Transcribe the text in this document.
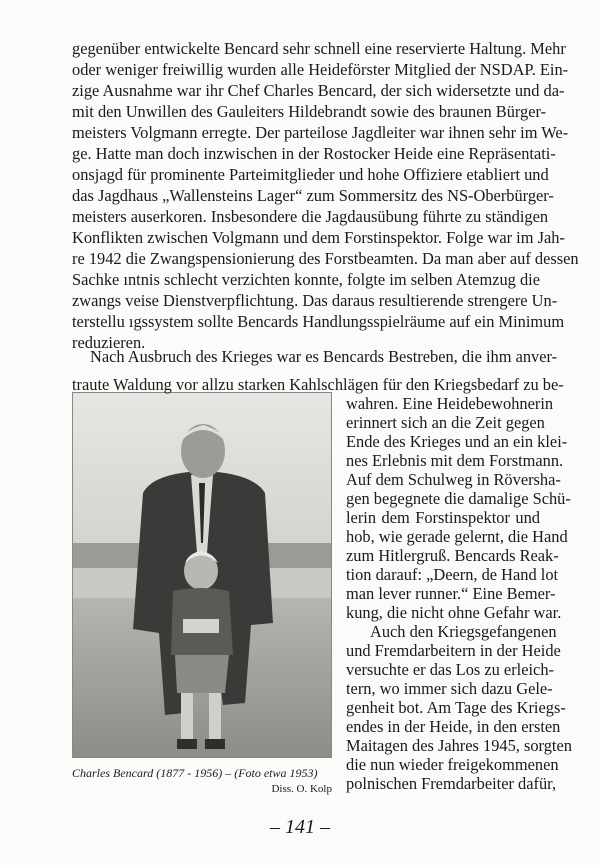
gegenüber entwickelte Bencard sehr schnell eine reservierte Haltung. Mehr
oder weniger freiwillig wurden alle Heideförster Mitglied der NSDAP. Ein-
zige Ausnahme war ihr Chef Charles Bencard, der sich widersetzte und da-
mit den Unwillen des Gauleiters Hildebrandt sowie des braunen Bürger-
meisters Volgmann erregte. Der parteilose Jagdleiter war ihnen sehr im We-
ge. Hatte man doch inzwischen in der Rostocker Heide eine Repräsentati-
onsjagd für prominente Parteimitglieder und hohe Offiziere etabliert und
das Jagdhaus „Wallensteins Lager“ zum Sommersitz des NS-Oberbürger-
meisters auserkoren. Insbesondere die Jagdausübung führte zu ständigen
Konflikten zwischen Volgmann und dem Forstinspektor. Folge war im Jah-
re 1942 die Zwangspensionierung des Forstbeamten. Da man aber auf dessen
Sachke ıntnis schlecht verzichten konnte, folgte im selben Atemzug die
zwangs veise Dienstverpflichtung. Das daraus resultierende strengere Un-
terstellu ıgssystem sollte Bencards Handlungsspielräume auf ein Minimum
reduzieren.
Nach Ausbruch des Krieges war es Bencards Bestreben, die ihm anver-
traute Waldung vor allzu starken Kahlschlägen für den Kriegsbedarf zu be-
wahren. Eine Heidebewohnerin
erinnert sich an die Zeit gegen
Ende des Krieges und an ein klei-
nes Erlebnis mit dem Forstmann.
Auf dem Schulweg in Röversha-
gen begegnete die damalige Schü-
lerin dem Forstinspektor und
hob, wie gerade gelernt, die Hand
zum Hitlergruß. Bencards Reak-
tion darauf: „Deern, de Hand lot
man lever runner.“ Eine Bemer-
kung, die nicht ohne Gefahr war.
Auch den Kriegsgefangenen
und Fremdarbeitern in der Heide
versuchte er das Los zu erleich-
tern, wo immer sich dazu Gele-
genheit bot. Am Tage des Kriegs-
endes in der Heide, in den ersten
Maitagen des Jahres 1945, sorgten
die nun wieder freigekommenen
polnischen Fremdarbeiter dafür,
Charles Bencard (1877 - 1956) – (Foto etwa 1953)
Diss. O. Kolp
– 141 –
